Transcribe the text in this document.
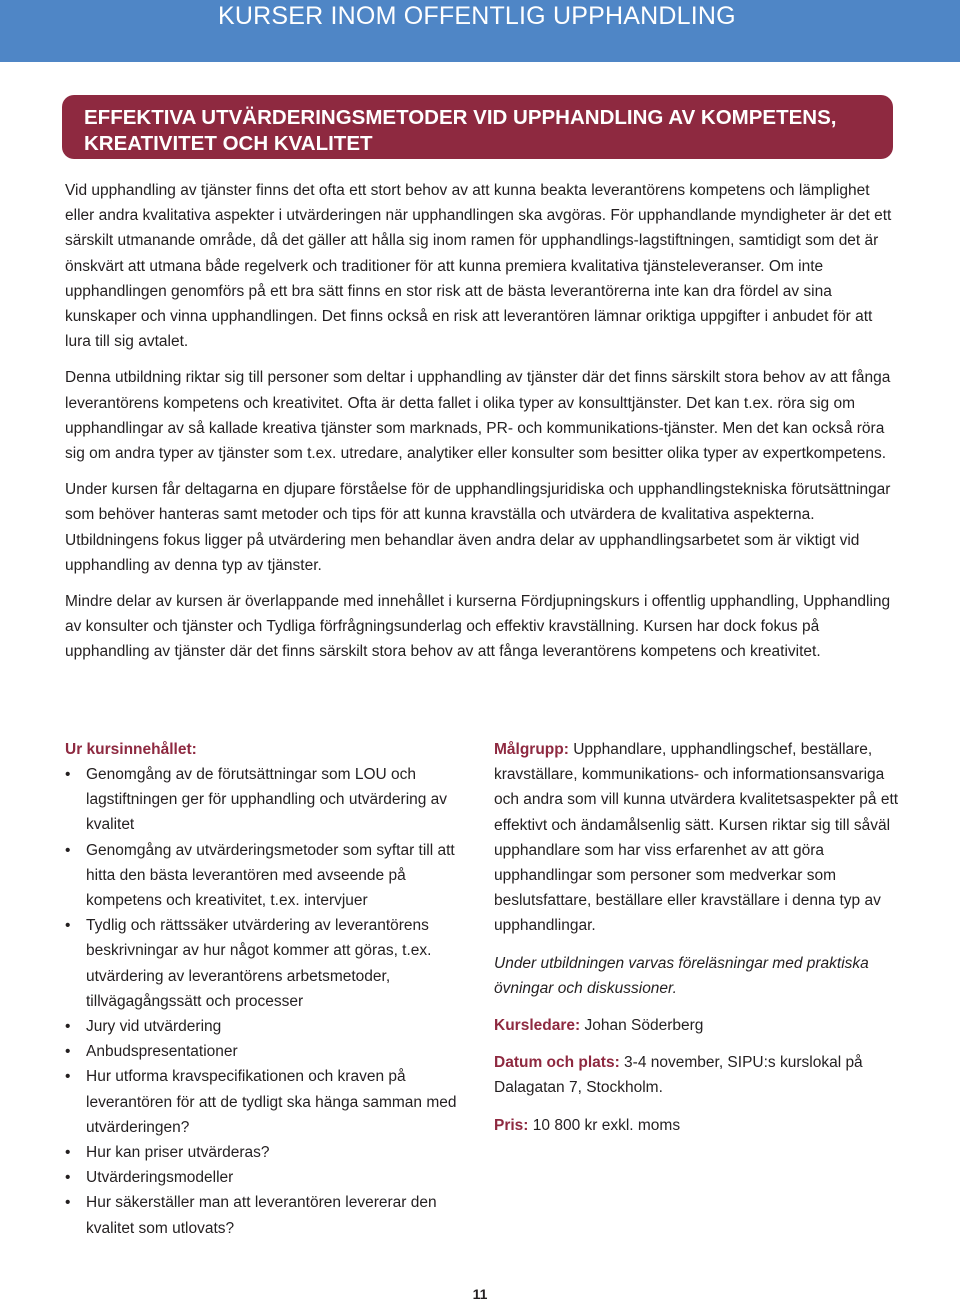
KURSER INOM OFFENTLIG UPPHANDLING
EFFEKTIVA UTVÄRDERINGSMETODER VID UPPHANDLING AV KOMPETENS, KREATIVITET OCH KVALITET

Vid upphandling av tjänster finns det ofta ett stort behov av att kunna beakta leverantörens kompetens och lämplighet eller andra kvalitativa aspekter i utvärderingen när upphandlingen ska avgöras. För upphandlande myndigheter är det ett särskilt utmanande område, då det gäller att hålla sig inom ramen för upphandlings-lagstiftningen, samtidigt som det är önskvärt att utmana både regelverk och traditioner för att kunna premiera kvalitativa tjänsteleveranser. Om inte upphandlingen genomförs på ett bra sätt finns en stor risk att de bästa leverantörerna inte kan dra fördel av sina kunskaper och vinna upphandlingen. Det finns också en risk att leverantören lämnar oriktiga uppgifter i anbudet för att lura till sig avtalet.

Denna utbildning riktar sig till personer som deltar i upphandling av tjänster där det finns särskilt stora behov av att fånga leverantörens kompetens och kreativitet. Ofta är detta fallet i olika typer av konsulttjänster. Det kan t.ex. röra sig om upphandlingar av så kallade kreativa tjänster som marknads, PR- och kommunikations-tjänster. Men det kan också röra sig om andra typer av tjänster som t.ex. utredare, analytiker eller konsulter som besitter olika typer av expertkompetens.

Under kursen får deltagarna en djupare förståelse för de upphandlingsjuridiska och upphandlingstekniska förutsättningar som behöver hanteras samt metoder och tips för att kunna kravställa och utvärdera de kvalitativa aspekterna. Utbildningens fokus ligger på utvärdering men behandlar även andra delar av upphandlingsarbetet som är viktigt vid upphandling av denna typ av tjänster.

Mindre delar av kursen är överlappande med innehållet i kurserna Fördjupningskurs i offentlig upphandling, Upphandling av konsulter och tjänster och Tydliga förfrågningsunderlag och effektiv kravställning. Kursen har dock fokus på upphandling av tjänster där det finns särskilt stora behov av att fånga leverantörens kompetens och kreativitet.

Ur kursinnehållet:
• Genomgång av de förutsättningar som LOU och lagstiftningen ger för upphandling och utvärdering av kvalitet
• Genomgång av utvärderingsmetoder som syftar till att hitta den bästa leverantören med avseende på kompetens och kreativitet, t.ex. intervjuer
• Tydlig och rättssäker utvärdering av leverantörens beskrivningar av hur något kommer att göras, t.ex. utvärdering av leverantörens arbetsmetoder, tillvägagångssätt och processer
• Jury vid utvärdering
• Anbudspresentationer
• Hur utforma kravspecifikationen och kraven på leverantören för att de tydligt ska hänga samman med utvärderingen?
• Hur kan priser utvärderas?
• Utvärderingsmodeller
• Hur säkerställer man att leverantören levererar den kvalitet som utlovats?

Målgrupp: Upphandlare, upphandlingschef, beställare, kravställare, kommunikations- och informationsansvariga och andra som vill kunna utvärdera kvalitetsaspekter på ett effektivt och ändamålsenlig sätt. Kursen riktar sig till såväl upphandlare som har viss erfarenhet av att göra upphandlingar som personer som medverkar som beslutsfattare, beställare eller kravställare i denna typ av upphandlingar.

Under utbildningen varvas föreläsningar med praktiska övningar och diskussioner.

Kursledare: Johan Söderberg

Datum och plats: 3-4 november, SIPU:s kurslokal på Dalagatan 7, Stockholm.

Pris: 10 800 kr exkl. moms

11
